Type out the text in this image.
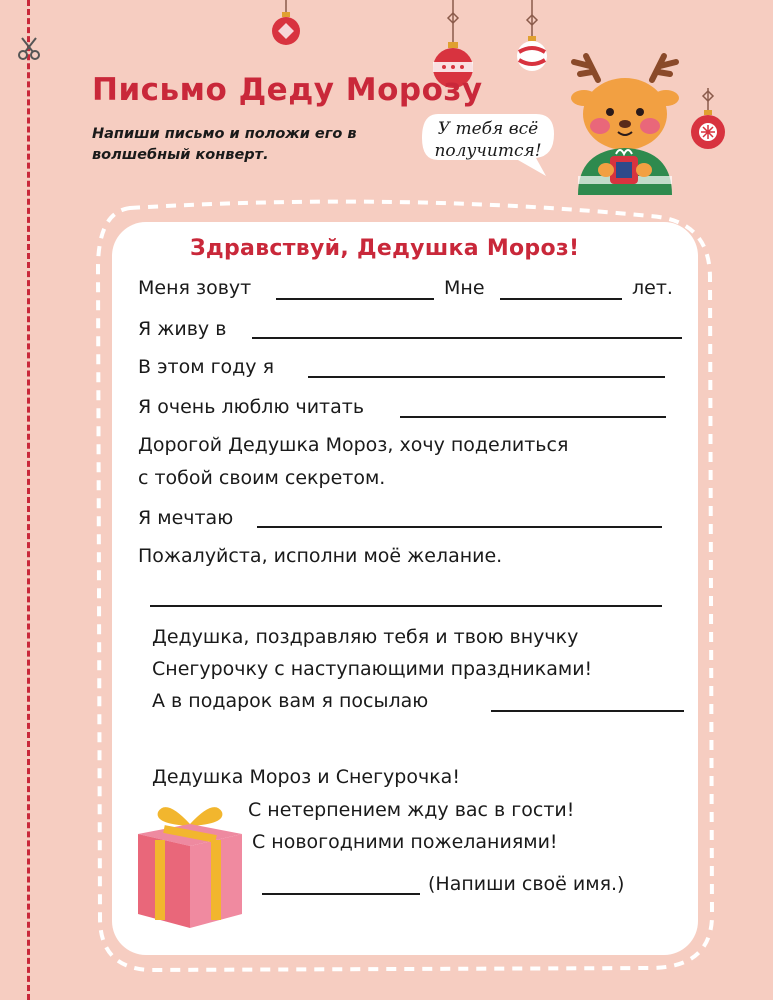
Письмо Деду Морозу
Напиши письмо и положи его в волшебный конверт.
У тебя всё получится!
Здравствуй, Дедушка Мороз!
Меня зовут	Мне	лет.
Я живу в
В этом году я
Я очень люблю читать
Дорогой Дедушка Мороз, хочу поделиться
с тобой своим секретом.
Я мечтаю
Пожалуйста, исполни моё желание.
Дедушка, поздравляю тебя и твою внучку
Снегурочку с наступающими праздниками!
А в подарок вам я посылаю
Дедушка Мороз и Снегурочка!
С нетерпением жду вас в гости!
С новогодними пожеланиями!
(Напиши своё имя.)
